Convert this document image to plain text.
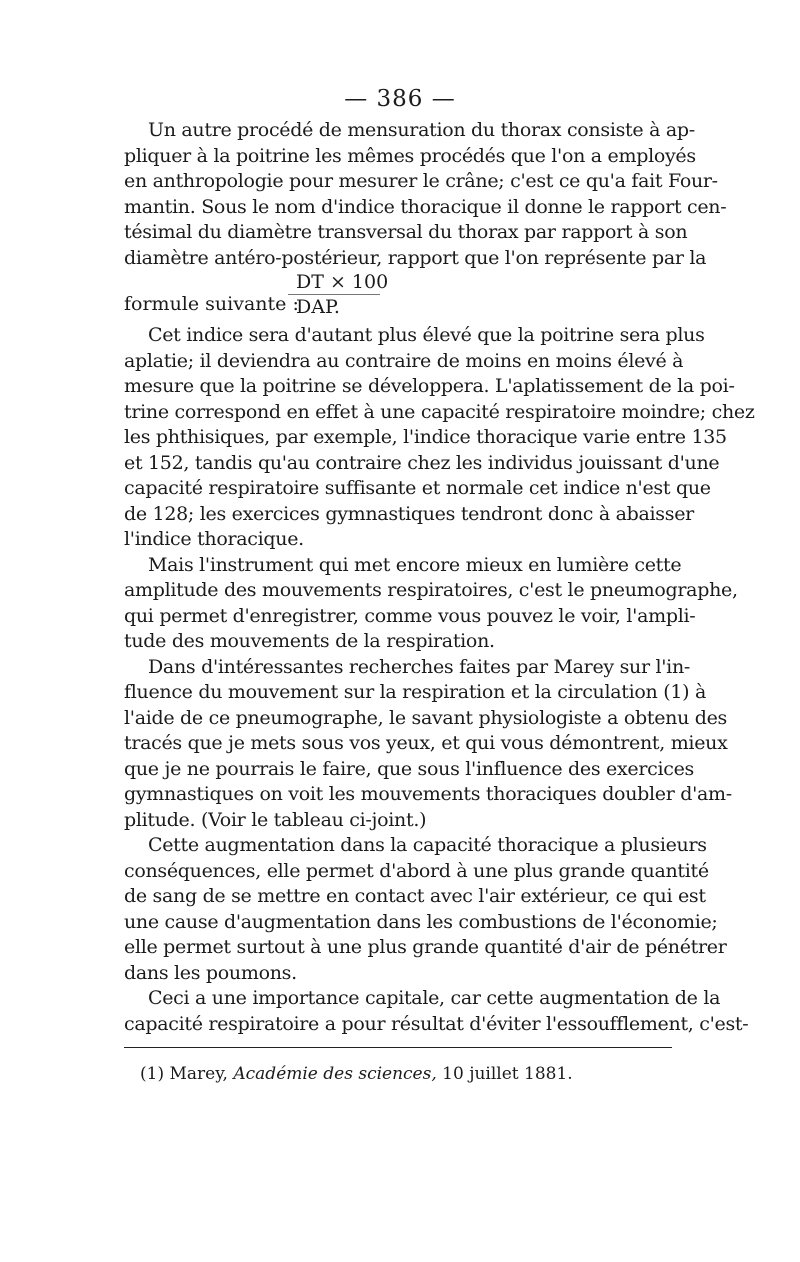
— 386 —
Un autre procédé de mensuration du thorax consiste à ap-
pliquer à la poitrine les mêmes procédés que l'on a employés
en anthropologie pour mesurer le crâne; c'est ce qu'a fait Four-
mantin. Sous le nom d'indice thoracique il donne le rapport cen-
tésimal du diamètre transversal du thorax par rapport à son
diamètre antéro-postérieur, rapport que l'on représente par la
formule suivante :
DT × 100
DAP.
Cet indice sera d'autant plus élevé que la poitrine sera plus
aplatie; il deviendra au contraire de moins en moins élevé à
mesure que la poitrine se développera. L'aplatissement de la poi-
trine correspond en effet à une capacité respiratoire moindre; chez
les phthisiques, par exemple, l'indice thoracique varie entre 135
et 152, tandis qu'au contraire chez les individus jouissant d'une
capacité respiratoire suffisante et normale cet indice n'est que
de 128; les exercices gymnastiques tendront donc à abaisser
l'indice thoracique.
Mais l'instrument qui met encore mieux en lumière cette
amplitude des mouvements respiratoires, c'est le pneumographe,
qui permet d'enregistrer, comme vous pouvez le voir, l'ampli-
tude des mouvements de la respiration.
Dans d'intéressantes recherches faites par Marey sur l'in-
fluence du mouvement sur la respiration et la circulation (1) à
l'aide de ce pneumographe, le savant physiologiste a obtenu des
tracés que je mets sous vos yeux, et qui vous démontrent, mieux
que je ne pourrais le faire, que sous l'influence des exercices
gymnastiques on voit les mouvements thoraciques doubler d'am-
plitude. (Voir le tableau ci-joint.)
Cette augmentation dans la capacité thoracique a plusieurs
conséquences, elle permet d'abord à une plus grande quantité
de sang de se mettre en contact avec l'air extérieur, ce qui est
une cause d'augmentation dans les combustions de l'économie;
elle permet surtout à une plus grande quantité d'air de pénétrer
dans les poumons.
Ceci a une importance capitale, car cette augmentation de la
capacité respiratoire a pour résultat d'éviter l'essoufflement, c'est-
(1) Marey, Académie des sciences, 10 juillet 1881.
